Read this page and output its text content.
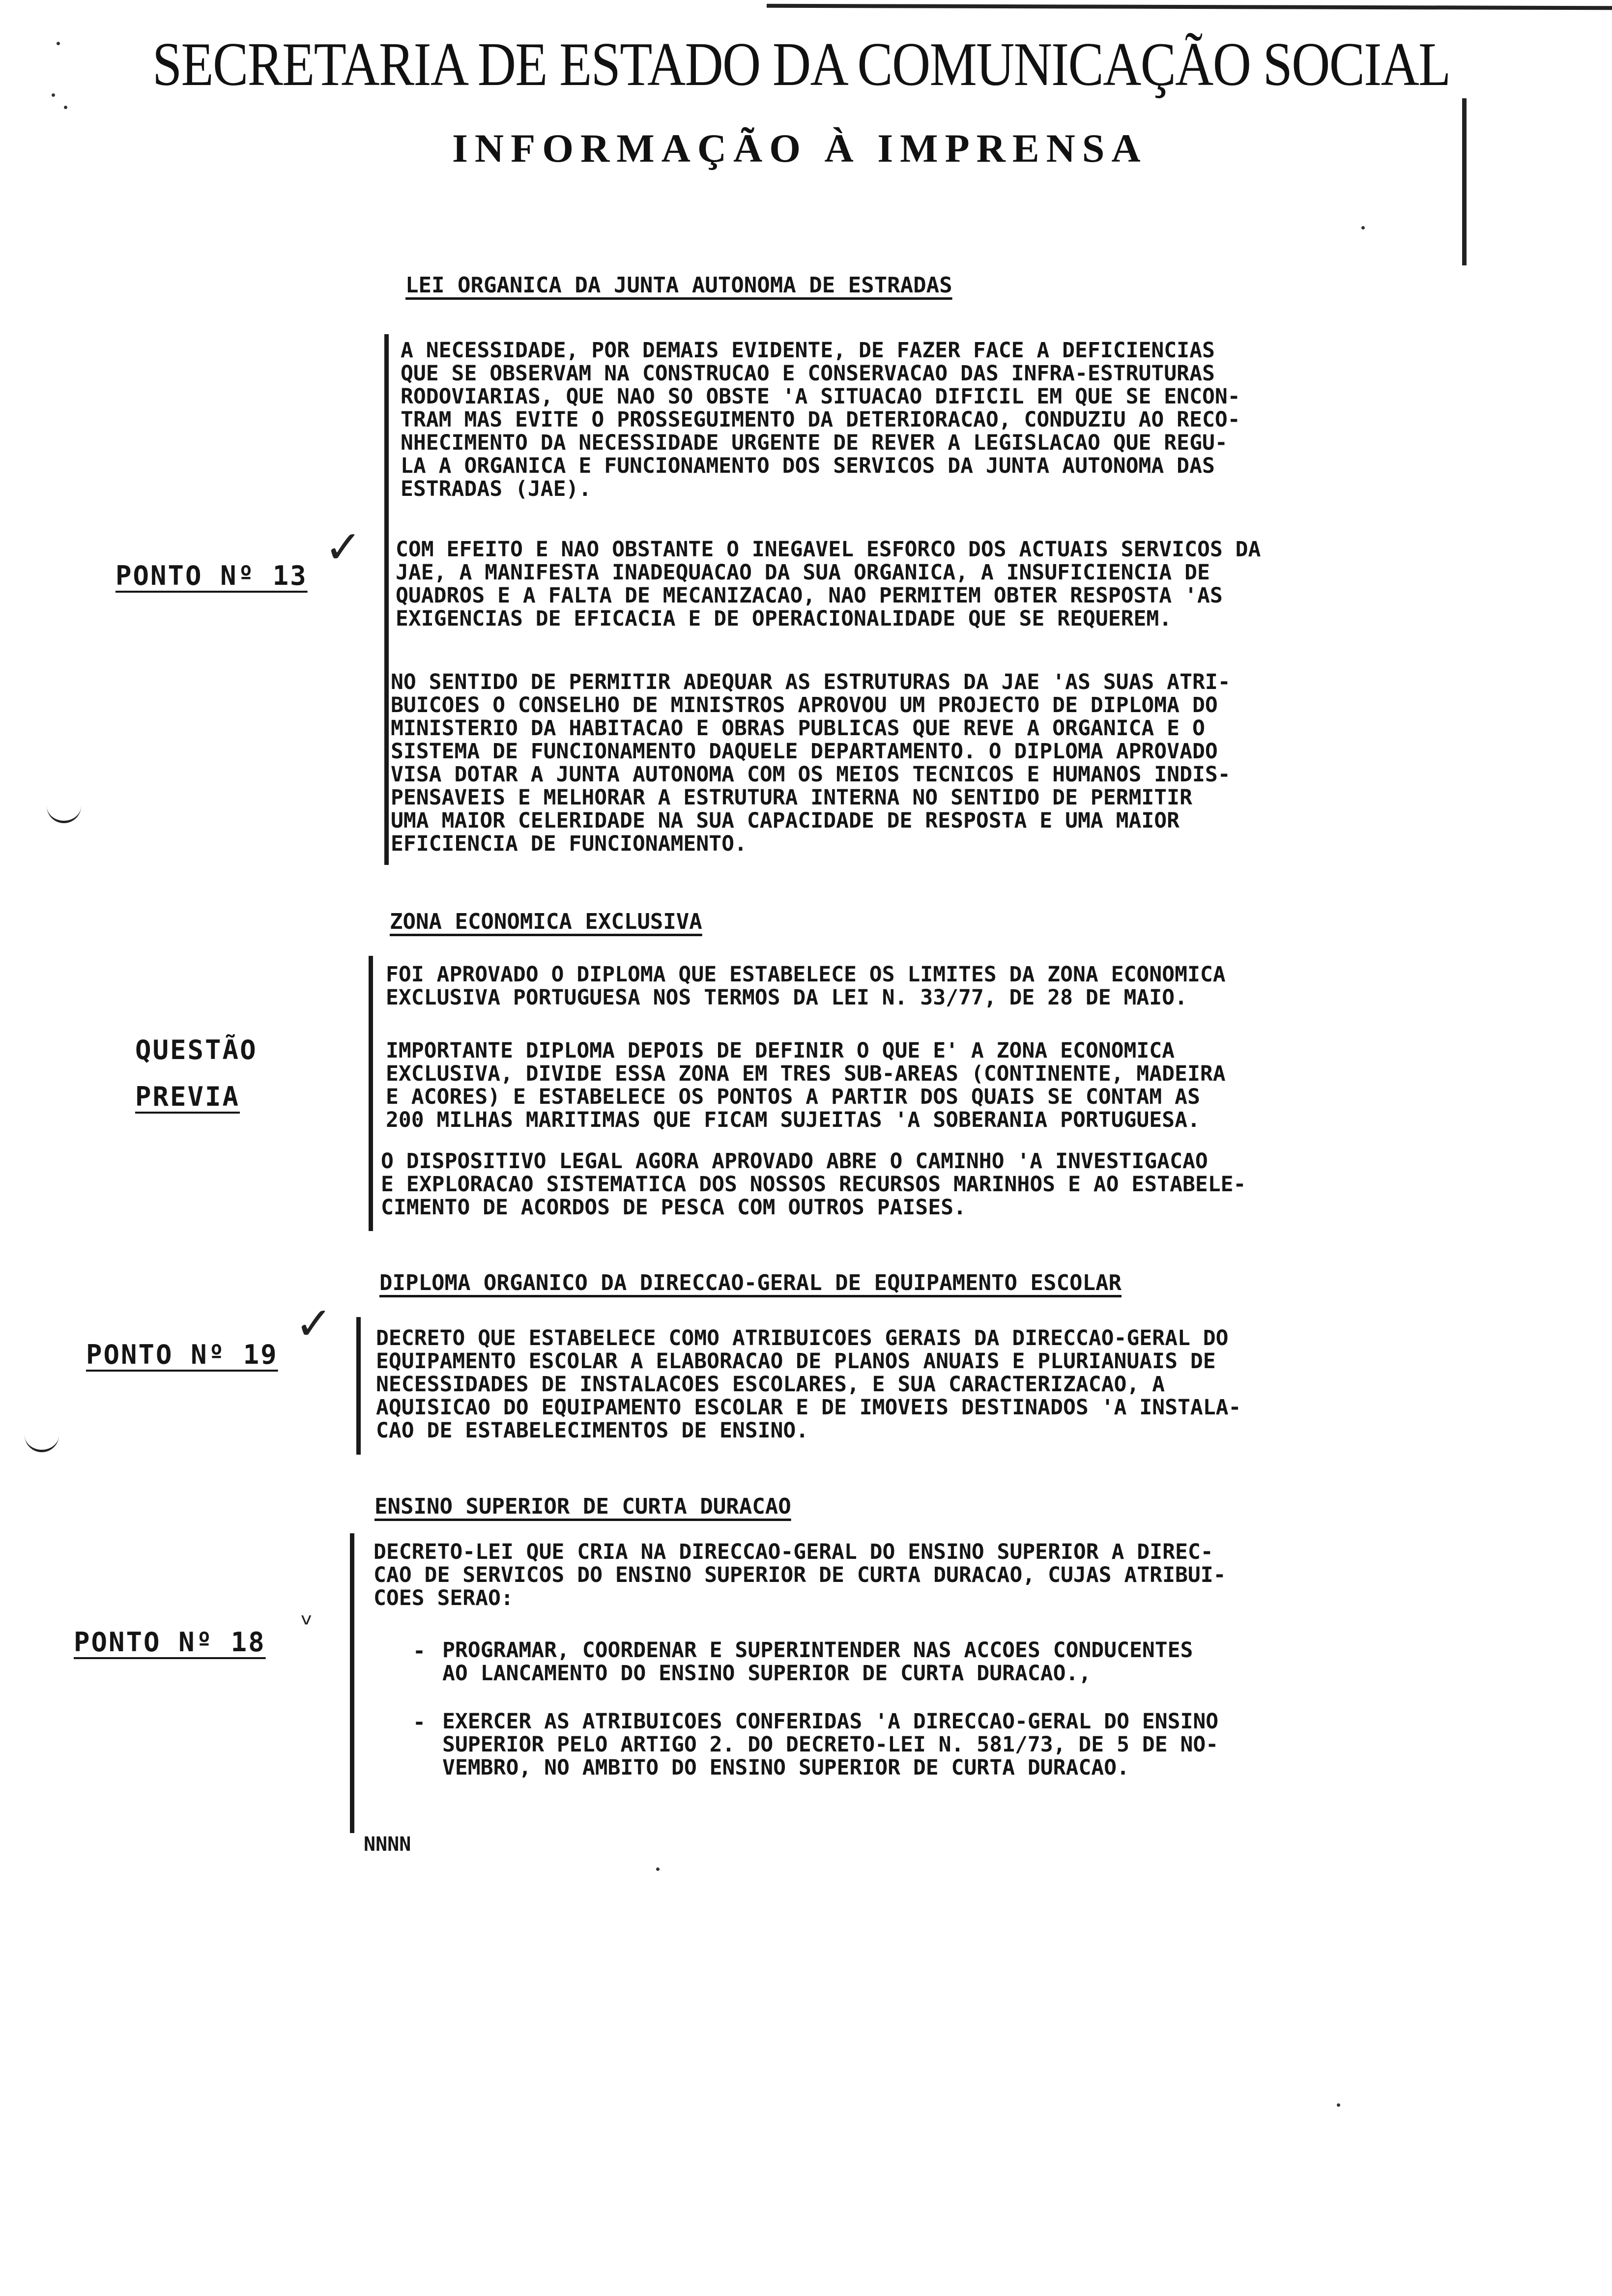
SECRETARIA DE ESTADO DA COMUNICAÇÃO SOCIAL
INFORMAÇÃO À IMPRENSA
LEI ORGANICA DA JUNTA AUTONOMA DE ESTRADAS
A NECESSIDADE, POR DEMAIS EVIDENTE, DE FAZER FACE A DEFICIENCIAS
QUE SE OBSERVAM NA CONSTRUCAO E CONSERVACAO DAS INFRA-ESTRUTURAS
RODOVIARIAS, QUE NAO SO OBSTE 'A SITUACAO DIFICIL EM QUE SE ENCON-
TRAM MAS EVITE O PROSSEGUIMENTO DA DETERIORACAO, CONDUZIU AO RECO-
NHECIMENTO DA NECESSIDADE URGENTE DE REVER A LEGISLACAO QUE REGU-
LA A ORGANICA E FUNCIONAMENTO DOS SERVICOS DA JUNTA AUTONOMA DAS
ESTRADAS (JAE).
COM EFEITO E NAO OBSTANTE O INEGAVEL ESFORCO DOS ACTUAIS SERVICOS DA
JAE, A MANIFESTA INADEQUACAO DA SUA ORGANICA, A INSUFICIENCIA DE
QUADROS E A FALTA DE MECANIZACAO, NAO PERMITEM OBTER RESPOSTA 'AS
EXIGENCIAS DE EFICACIA E DE OPERACIONALIDADE QUE SE REQUEREM.
NO SENTIDO DE PERMITIR ADEQUAR AS ESTRUTURAS DA JAE 'AS SUAS ATRI-
BUICOES O CONSELHO DE MINISTROS APROVOU UM PROJECTO DE DIPLOMA DO
MINISTERIO DA HABITACAO E OBRAS PUBLICAS QUE REVE A ORGANICA E O
SISTEMA DE FUNCIONAMENTO DAQUELE DEPARTAMENTO. O DIPLOMA APROVADO
VISA DOTAR A JUNTA AUTONOMA COM OS MEIOS TECNICOS E HUMANOS INDIS-
PENSAVEIS E MELHORAR A ESTRUTURA INTERNA NO SENTIDO DE PERMITIR
UMA MAIOR CELERIDADE NA SUA CAPACIDADE DE RESPOSTA E UMA MAIOR
EFICIENCIA DE FUNCIONAMENTO.
PONTO Nº 13
✓
ZONA ECONOMICA EXCLUSIVA
FOI APROVADO O DIPLOMA QUE ESTABELECE OS LIMITES DA ZONA ECONOMICA
EXCLUSIVA PORTUGUESA NOS TERMOS DA LEI N. 33/77, DE 28 DE MAIO.
IMPORTANTE DIPLOMA DEPOIS DE DEFINIR O QUE E' A ZONA ECONOMICA
EXCLUSIVA, DIVIDE ESSA ZONA EM TRES SUB-AREAS (CONTINENTE, MADEIRA
E ACORES) E ESTABELECE OS PONTOS A PARTIR DOS QUAIS SE CONTAM AS
200 MILHAS MARITIMAS QUE FICAM SUJEITAS 'A SOBERANIA PORTUGUESA.
O DISPOSITIVO LEGAL AGORA APROVADO ABRE O CAMINHO 'A INVESTIGACAO
E EXPLORACAO SISTEMATICA DOS NOSSOS RECURSOS MARINHOS E AO ESTABELE-
CIMENTO DE ACORDOS DE PESCA COM OUTROS PAISES.
QUESTÃO
PREVIA
DIPLOMA ORGANICO DA DIRECCAO-GERAL DE EQUIPAMENTO ESCOLAR
DECRETO QUE ESTABELECE COMO ATRIBUICOES GERAIS DA DIRECCAO-GERAL DO
EQUIPAMENTO ESCOLAR A ELABORACAO DE PLANOS ANUAIS E PLURIANUAIS DE
NECESSIDADES DE INSTALACOES ESCOLARES, E SUA CARACTERIZACAO, A
AQUISICAO DO EQUIPAMENTO ESCOLAR E DE IMOVEIS DESTINADOS 'A INSTALA-
CAO DE ESTABELECIMENTOS DE ENSINO.
PONTO Nº 19
✓
ENSINO SUPERIOR DE CURTA DURACAO
DECRETO-LEI QUE CRIA NA DIRECCAO-GERAL DO ENSINO SUPERIOR A DIREC-
CAO DE SERVICOS DO ENSINO SUPERIOR DE CURTA DURACAO, CUJAS ATRIBUI-
COES SERAO:
- PROGRAMAR, COORDENAR E SUPERINTENDER NAS ACCOES CONDUCENTES
AO LANCAMENTO DO ENSINO SUPERIOR DE CURTA DURACAO.,
- EXERCER AS ATRIBUICOES CONFERIDAS 'A DIRECCAO-GERAL DO ENSINO
SUPERIOR PELO ARTIGO 2. DO DECRETO-LEI N. 581/73, DE 5 DE NO-
VEMBRO, NO AMBITO DO ENSINO SUPERIOR DE CURTA DURACAO.
PONTO Nº 18
ᵛ
NNNN
